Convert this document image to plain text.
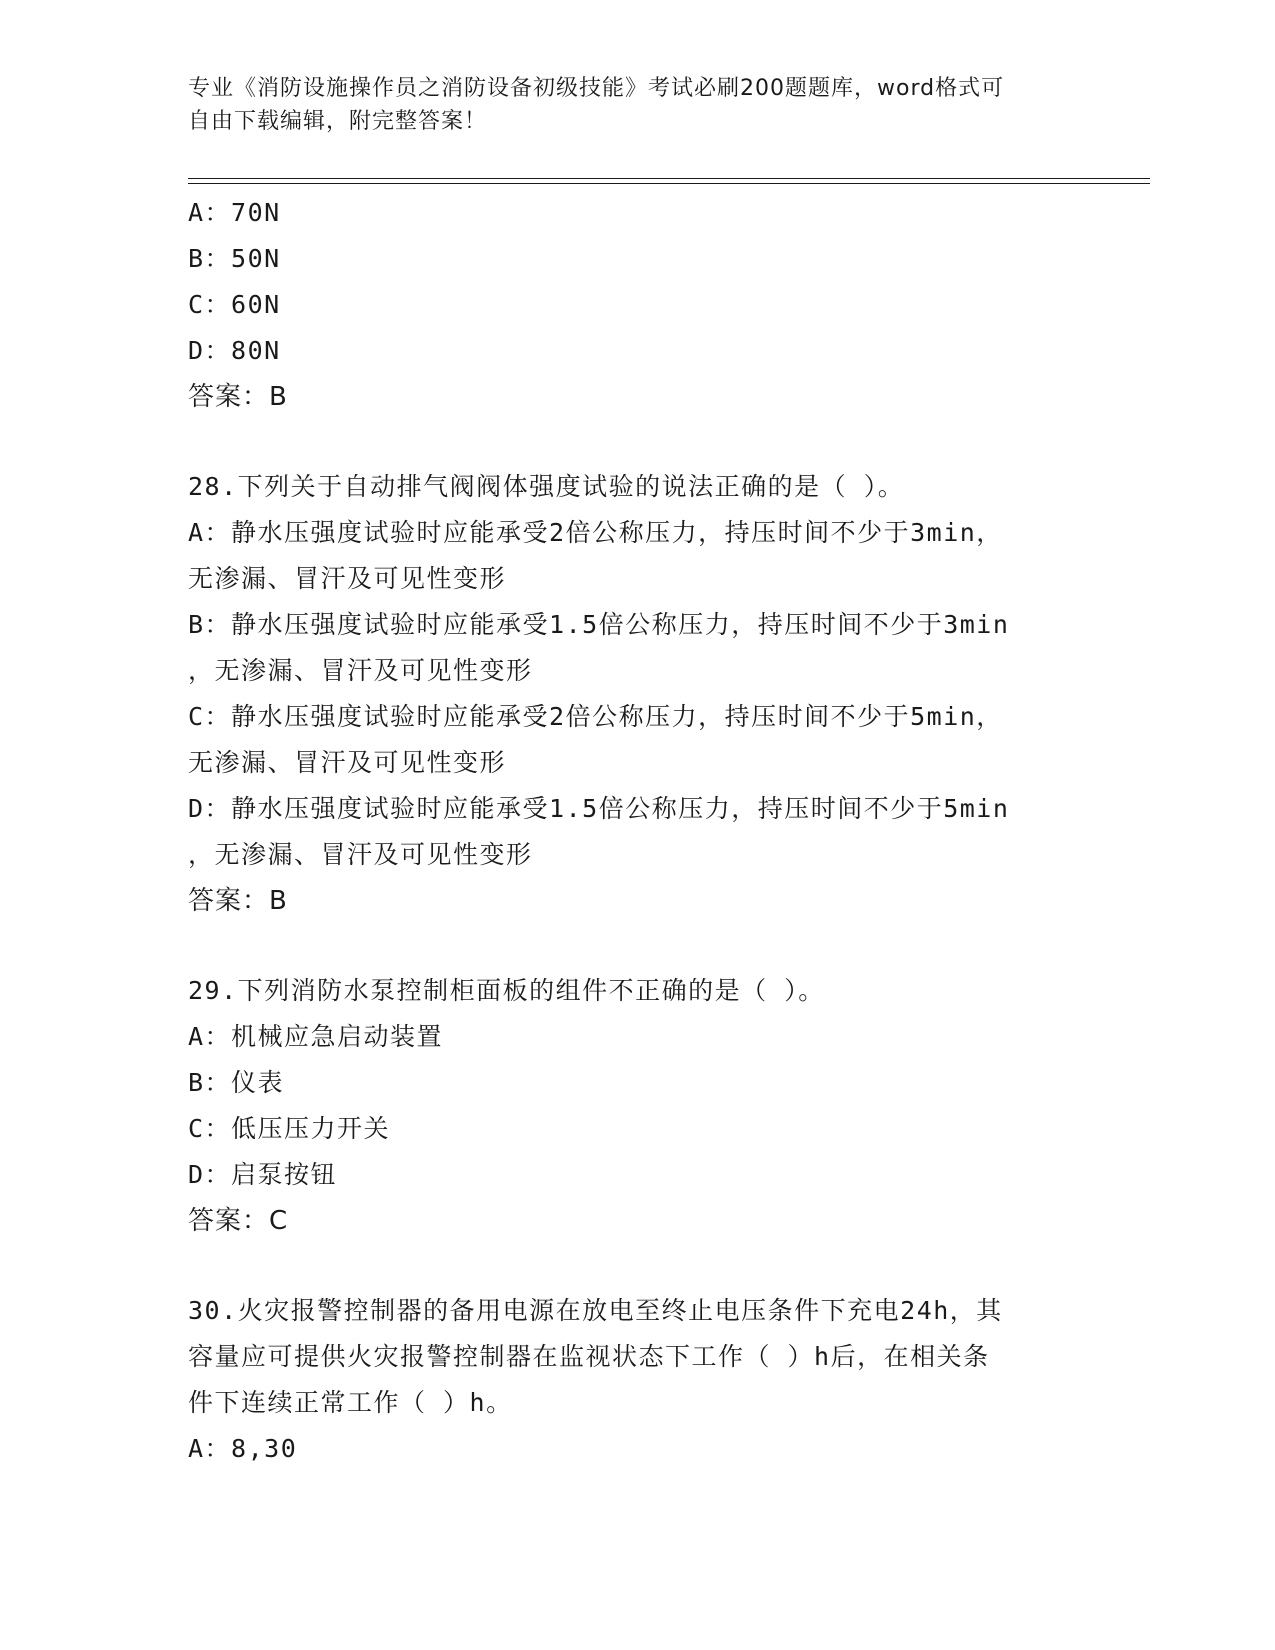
专业《消防设施操作员之消防设备初级技能》考试必刷200题题库，word格式可
自由下载编辑，附完整答案！
A：70N
B：50N
C：60N
D：80N
答案：B
28.下列关于自动排气阀阀体强度试验的说法正确的是（ ）。
A：静水压强度试验时应能承受2倍公称压力，持压时间不少于3min，
无渗漏、冒汗及可见性变形
B：静水压强度试验时应能承受1.5倍公称压力，持压时间不少于3min
，无渗漏、冒汗及可见性变形
C：静水压强度试验时应能承受2倍公称压力，持压时间不少于5min，
无渗漏、冒汗及可见性变形
D：静水压强度试验时应能承受1.5倍公称压力，持压时间不少于5min
，无渗漏、冒汗及可见性变形
答案：B
29.下列消防水泵控制柜面板的组件不正确的是（ ）。
A：机械应急启动装置
B：仪表
C：低压压力开关
D：启泵按钮
答案：C
30.火灾报警控制器的备用电源在放电至终止电压条件下充电24h，其
容量应可提供火灾报警控制器在监视状态下工作（ ）h后，在相关条
件下连续正常工作（ ）h。
A：8,30
